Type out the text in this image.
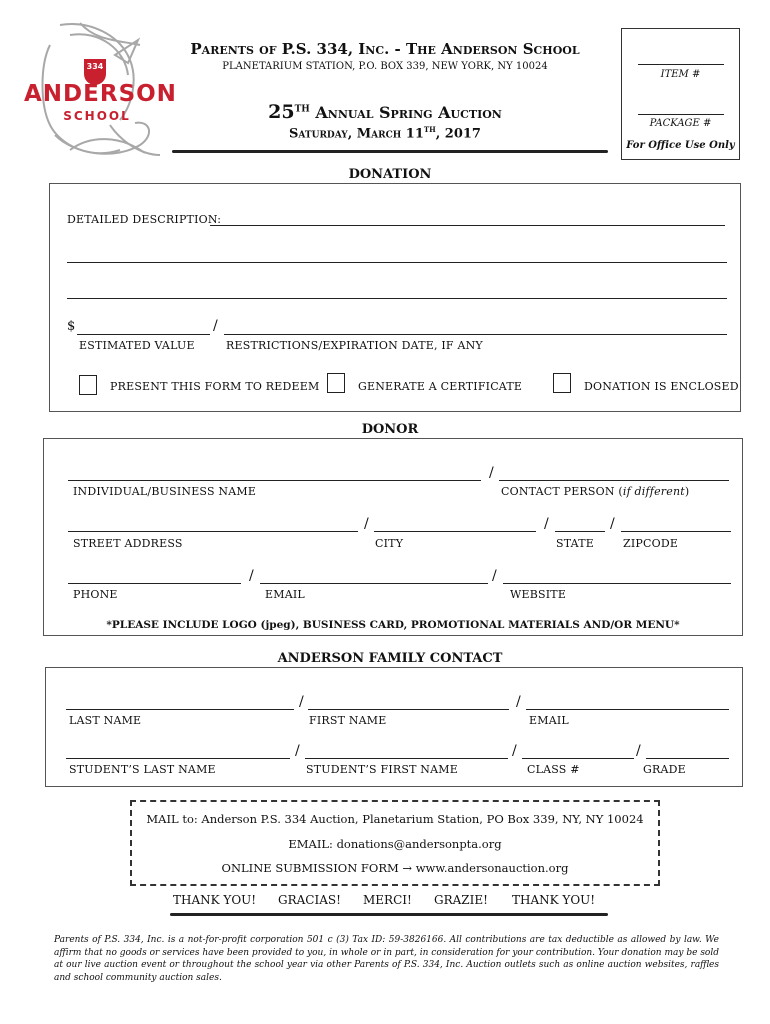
334
ANDERSON
SCHOOL
Parents of P.S. 334, Inc. - The Anderson School
PLANETARIUM STATION, P.O. BOX 339, NEW YORK, NY 10024
25TH Annual Spring Auction
Saturday, March 11TH, 2017
ITEM #
PACKAGE #
For Office Use Only
DONATION
DETAILED DESCRIPTION:
$	/
ESTIMATED VALUE	RESTRICTIONS/EXPIRATION DATE, IF ANY
PRESENT THIS FORM TO REDEEM	GENERATE A CERTIFICATE	DONATION IS ENCLOSED
DONOR
/
INDIVIDUAL/BUSINESS NAME	CONTACT PERSON (if different)
/	/	/
STREET ADDRESS	CITY	STATE	ZIPCODE
/	/
PHONE	EMAIL	WEBSITE
*PLEASE INCLUDE LOGO (jpeg), BUSINESS CARD, PROMOTIONAL MATERIALS AND/OR MENU*
ANDERSON FAMILY CONTACT
/	/
LAST NAME	FIRST NAME	EMAIL
/	/	/
STUDENT’S LAST NAME	STUDENT’S FIRST NAME	CLASS #	GRADE
MAIL to: Anderson P.S. 334 Auction, Planetarium Station, PO Box 339, NY, NY 10024
EMAIL: donations@andersonpta.org
ONLINE SUBMISSION FORM → www.andersonauction.org
THANK YOU! GRACIAS! MERCI! GRAZIE! THANK YOU!
Parents of P.S. 334, Inc. is a not-for-profit corporation 501 c (3) Tax ID: 59-3826166. All contributions are tax deductible as allowed by law. We affirm that no goods or services have been provided to you, in whole or in part, in consideration for your contribution. Your donation may be sold at our live auction event or throughout the school year via other Parents of P.S. 334, Inc. Auction outlets such as online auction websites, raffles and school community auction sales.
